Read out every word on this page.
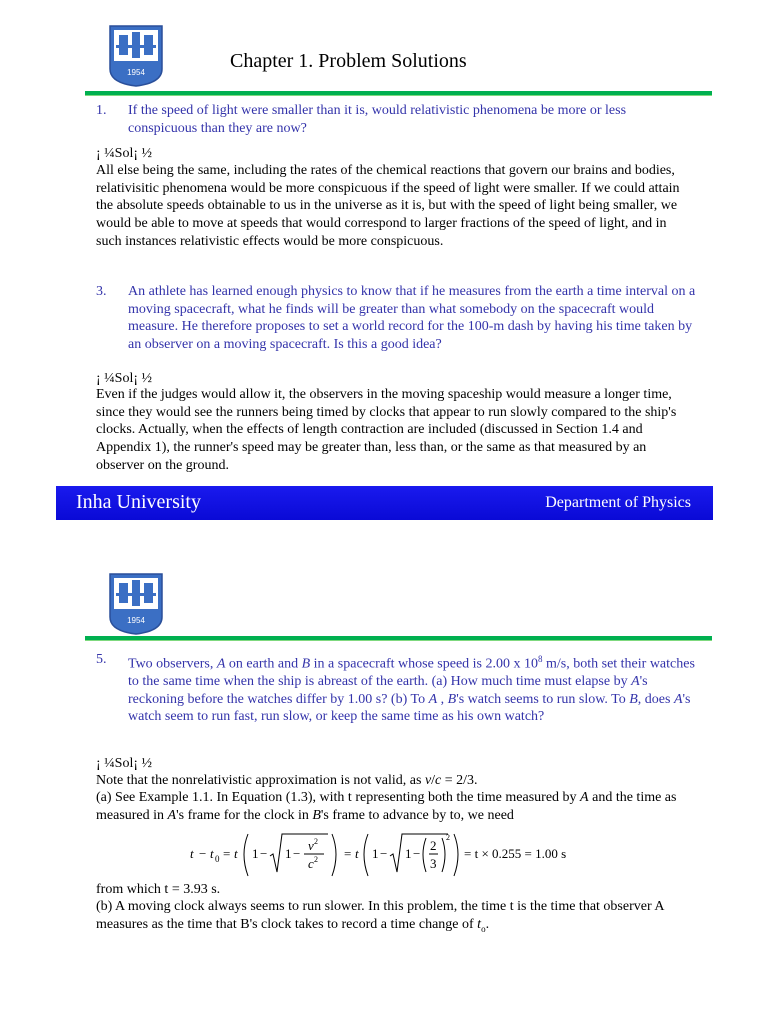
1954
Chapter 1. Problem Solutions
1. If the speed of light were smaller than it is, would relativistic phenomena be more or less conspicuous than they are now?
¡ ¼Sol¡ ½
All else being the same, including the rates of the chemical reactions that govern our brains and bodies, relativisitic phenomena would be more conspicuous if the speed of light were smaller. If we could attain the absolute speeds obtainable to us in the universe as it is, but with the speed of light being smaller, we would be able to move at speeds that would correspond to larger fractions of the speed of light, and in such instances relativistic effects would be more conspicuous.
3. An athlete has learned enough physics to know that if he measures from the earth a time interval on a moving spacecraft, what he finds will be greater than what somebody on the spacecraft would measure. He therefore proposes to set a world record for the 100-m dash by having his time taken by an observer on a moving spacecraft. Is this a good idea?
¡ ¼Sol¡ ½
Even if the judges would allow it, the observers in the moving spaceship would measure a longer time, since they would see the runners being timed by clocks that appear to run slowly compared to the ship's clocks. Actually, when the effects of length contraction are included (discussed in Section 1.4 and Appendix 1), the runner's speed may be greater than, less than, or the same as that measured by an observer on the ground.
Inha University	Department of Physics
1954
5. Two observers, A on earth and B in a spacecraft whose speed is 2.00 x $10^8$ m/s, both set their watches to the same time when the ship is abreast of the earth. (a) How much time must elapse by A's reckoning before the watches differ by 1.00 s? (b) To A , B's watch seems to run slow. To B, does A's watch seem to run fast, run slow, or keep the same time as his own watch?
¡ ¼Sol¡ ½
Note that the nonrelativistic approximation is not valid, as v/c = 2/3.
(a) See Example 1.1. In Equation (1.3), with t representing both the time measured by A and the time as measured in A's frame for the clock in B's frame to advance by to, we need
t − t 0 = t 1 − 1 −
v 2
c 2 = t 1 − 1 −
2
3
2
= t × 0.255 = 1.00 s
from which t = 3.93 s.
(b) A moving clock always seems to run slower. In this problem, the time t is the time that observer A measures as the time that B's clock takes to record a time change of $t_o$.
